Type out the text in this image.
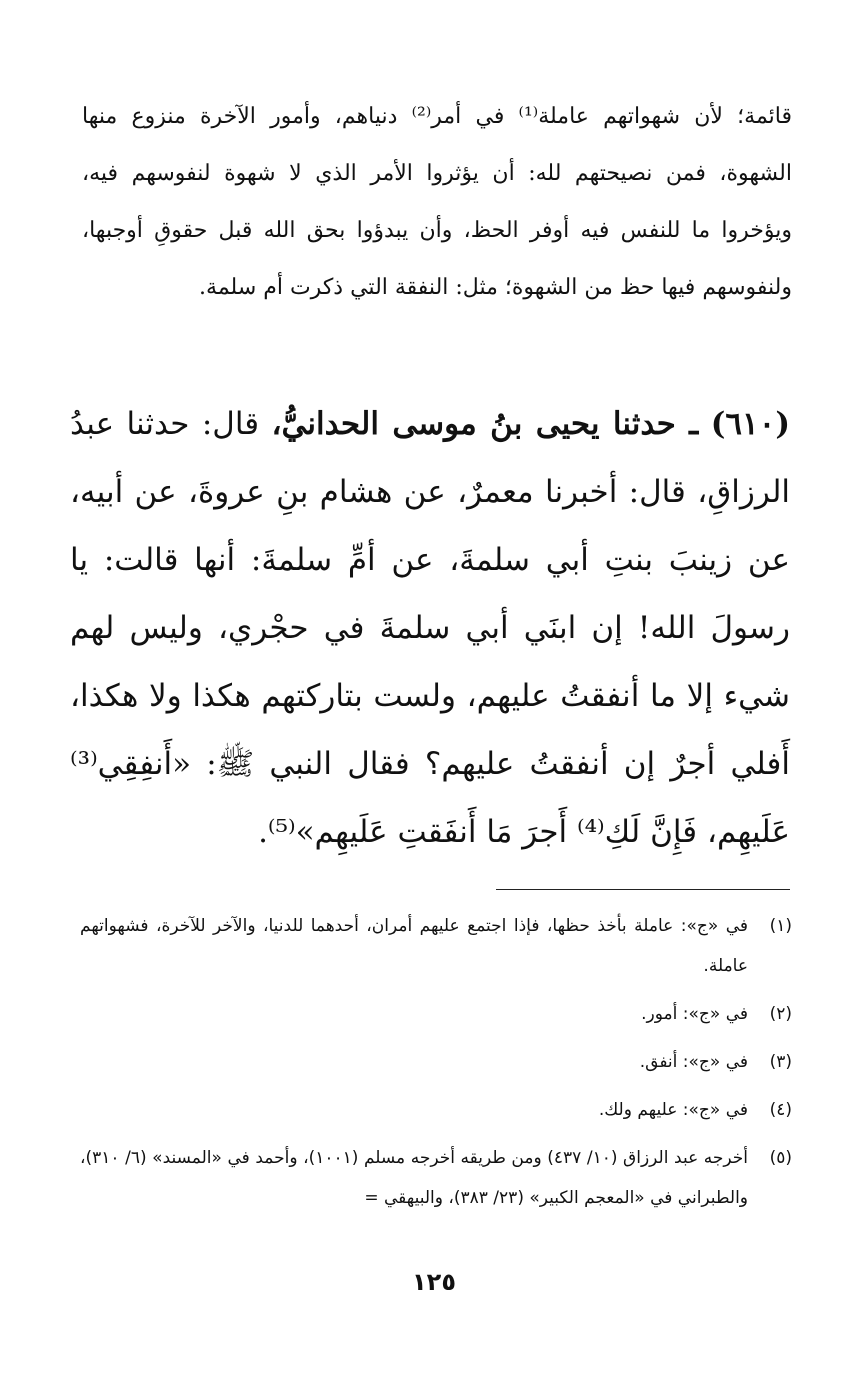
قائمة؛ لأن شهواتهم عاملة⁽¹⁾ في أمر⁽²⁾ دنياهم، وأمور الآخرة منزوع منها الشهوة، فمن نصيحتهم لله: أن يؤثروا الأمر الذي لا شهوة لنفوسهم فيه، ويؤخروا ما للنفس فيه أوفر الحظ، وأن يبدؤوا بحق الله قبل حقوقِ أوجبها، ولنفوسهم فيها حظ من الشهوة؛ مثل: النفقة التي ذكرت أم سلمة.

(٦١٠) ـ حدثنا يحيى بنُ موسى الحدانيُّ، قال: حدثنا عبدُ الرزاقِ، قال: أخبرنا معمرٌ، عن هشام بنِ عروةَ، عن أبيه، عن زينبَ بنتِ أبي سلمةَ، عن أمِّ سلمةَ: أنها قالت: يا رسولَ الله! إن ابنَي أبي سلمةَ في حجْري، وليس لهم شيء إلا ما أنفقتُ عليهم، ولست بتاركتهم هكذا ولا هكذا، أَفلي أجرٌ إن أنفقتُ عليهم؟ فقال النبي ﷺ: «أَنفِقِي⁽³⁾ عَلَيهِم، فَإِنَّ لَكِ⁽⁴⁾ أَجرَ مَا أَنفَقتِ عَلَيهِم»⁽⁵⁾.

(١)
في «ج»: عاملة بأخذ حظها، فإذا اجتمع عليهم أمران، أحدهما للدنيا، والآخر للآخرة، فشهواتهم عاملة.
(٢)
في «ج»: أمور.
(٣)
في «ج»: أنفق.
(٤)
في «ج»: عليهم ولك.
(٥)
أخرجه عبد الرزاق (١٠/ ٤٣٧) ومن طريقه أخرجه مسلم (١٠٠١)، وأحمد في «المسند» (٦/ ٣١٠)، والطبراني في «المعجم الكبير» (٢٣/ ٣٨٣)، والبيهقي =
١٢٥
